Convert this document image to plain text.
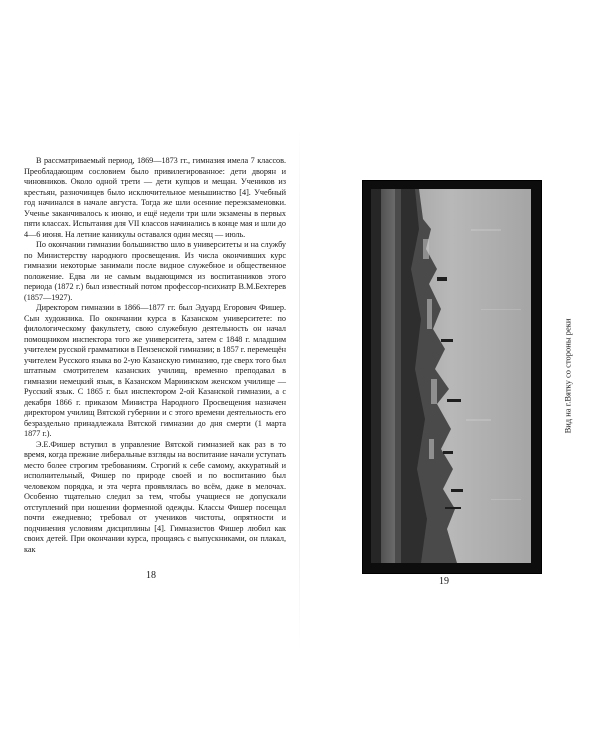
В рассматриваемый период, 1869—1873 гг., гимназия имела 7 классов. Преобладающим сословием было привилегированное: дети дворян и чиновников. Около одной трети — дети купцов и мещан. Учеников из крестьян, разночинцев было исключительное меньшинство [4]. Учебный год начинался в начале августа. Тогда же шли осенние переэкзаменовки. Ученье заканчивалось к июню, и ещё недели три шли экзамены в первых пяти классах. Испытания для VII классов начинались в конце мая и шли до 4—6 июня. На летние каникулы оставался один месяц — июль.

По окончании гимназии большинство шло в университеты и на службу по Министерству народного просвещения. Из числа окончивших курс гимназии некоторые занимали после видное служебное и общественное положение. Едва ли не самым выдающимся из воспитанников этого периода (1872 г.) был известный потом профессор-психиатр В.М.Бехтерев (1857—1927).

Директором гимназии в 1866—1877 гг. был Эдуард Егорович Фишер. Сын художника. По окончании курса в Казанском университете: по филологическому факультету, свою служебную деятельность он начал помощником инспектора того же университета, затем с 1848 г. младшим учителем русской грамматики в Пензенской гимназии; в 1857 г. перемещён учителем Русского языка во 2-ую Казанскую гимназию, где сверх того был штатным смотрителем казанских училищ, временно преподавал в гимназии немецкий язык, в Казанском Мариинском женском училище — Русский язык. С 1865 г. был инспектором 2-ой Казанской гимназии, а с декабря 1866 г. приказом Министра Народного Просвещения назначен директором училищ Вятской губернии и с этого времени деятельность его безраздельно принадлежала Вятской гимназии до дня смерти (1 марта 1877 г.).

Э.Е.Фишер вступил в управление Вятской гимназией как раз в то время, когда прежние либеральные взгляды на воспитание начали уступать место более строгим требованиям. Строгий к себе самому, аккуратный и исполнительный, Фишер по природе своей и по воспитанию был человеком порядка, и эта черта проявлялась во всём, даже в мелочах. Особенно тщательно следил за тем, чтобы учащиеся не допускали отступлений при ношении форменной одежды. Классы Фишер посещал почти ежедневно; требовал от учеников чистоты, опрятности и подчинения условиям дисциплины [4]. Гимназистов Фишер любил как своих детей. При окончании курса, прощаясь с выпускниками, он плакал, как

18
Вид на г.Вятку со стороны реки
19
